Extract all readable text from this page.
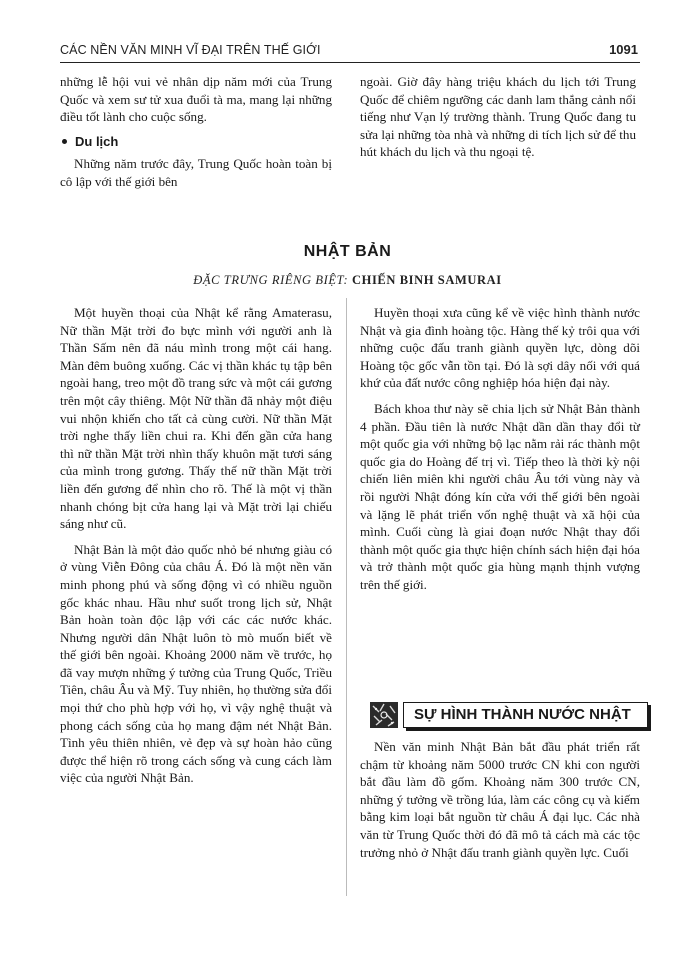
CÁC NỀN VĂN MINH VĨ ĐẠI TRÊN THẾ GIỚI	1091

những lễ hội vui vẻ nhân dịp năm mới của Trung Quốc và xem sư tử xua đuổi tà ma, mang lại những điều tốt lành cho cuộc sống.

Du lịch

Những năm trước đây, Trung Quốc hoàn toàn bị cô lập với thế giới bên

ngoài. Giờ đây hàng triệu khách du lịch tới Trung Quốc để chiêm ngưỡng các danh lam thắng cảnh nổi tiếng như Vạn lý trường thành. Trung Quốc đang tu sửa lại những tòa nhà và những di tích lịch sử để thu hút khách du lịch và thu ngoại tệ.

NHẬT BẢN
ĐẶC TRƯNG RIÊNG BIỆT: CHIẾN BINH SAMURAI

Một huyền thoại của Nhật kể rằng Amaterasu, Nữ thần Mặt trời đo bực mình với người anh là Thần Sấm nên đã náu mình trong một cái hang. Màn đêm buông xuống. Các vị thần khác tụ tập bên ngoài hang, treo một đồ trang sức và một cái gương trên một cây thiêng. Một Nữ thần đã nhảy một điệu vui nhộn khiến cho tất cả cùng cười. Nữ thần Mặt trời nghe thấy liền chui ra. Khi đến gần cửa hang thì nữ thần Mặt trời nhìn thấy khuôn mặt tươi sáng của mình trong gương. Thấy thế nữ thần Mặt trời liền đến gương để nhìn cho rõ. Thế là một vị thần nhanh chóng bịt cửa hang lại và Mặt trời lại chiếu sáng như cũ.

Nhật Bản là một đảo quốc nhỏ bé nhưng giàu có ở vùng Viễn Đông của châu Á. Đó là một nền văn minh phong phú và sống động vì có nhiều nguồn gốc khác nhau. Hầu như suốt trong lịch sử, Nhật Bản hoàn toàn độc lập với các các nước khác. Nhưng người dân Nhật luôn tò mò muốn biết về thế giới bên ngoài. Khoảng 2000 năm về trước, họ đã vay mượn những ý tưởng của Trung Quốc, Triều Tiên, châu Âu và Mỹ. Tuy nhiên, họ thường sửa đổi mọi thứ cho phù hợp với họ, vì vậy nghệ thuật và phong cách sống của họ mang đậm nét Nhật Bản. Tình yêu thiên nhiên, vẻ đẹp và sự hoàn hảo cũng được thể hiện rõ trong cách sống và cung cách làm việc của người Nhật Bản.

Huyền thoại xưa cũng kể về việc hình thành nước Nhật và gia đình hoàng tộc. Hàng thế kỷ trôi qua với những cuộc đấu tranh giành quyền lực, dòng dõi Hoàng tộc gốc vẫn tồn tại. Đó là sợi dây nối với quá khứ của đất nước công nghiệp hóa hiện đại này.

Bách khoa thư này sẽ chia lịch sử Nhật Bản thành 4 phần. Đầu tiên là nước Nhật dần dần thay đổi từ một quốc gia với những bộ lạc nằm rải rác thành một quốc gia do Hoàng đế trị vì. Tiếp theo là thời kỳ nội chiến liên miên khi người châu Âu tới vùng này và rồi người Nhật đóng kín cửa với thế giới bên ngoài và lặng lẽ phát triển vốn nghệ thuật và xã hội của mình. Cuối cùng là giai đoạn nước Nhật thay đổi thành một quốc gia thực hiện chính sách hiện đại hóa và trở thành một quốc gia hùng mạnh thịnh vượng trên thế giới.

SỰ HÌNH THÀNH NƯỚC NHẬT

Nền văn minh Nhật Bản bắt đầu phát triển rất chậm từ khoảng năm 5000 trước CN khi con người bắt đầu làm đồ gốm. Khoảng năm 300 trước CN, những ý tưởng về trồng lúa, làm các công cụ và kiếm bằng kim loại bắt nguồn từ châu Á đại lục. Các nhà văn từ Trung Quốc thời đó đã mô tả cách mà các tộc trưởng nhỏ ở Nhật đấu tranh giành quyền lực. Cuối
